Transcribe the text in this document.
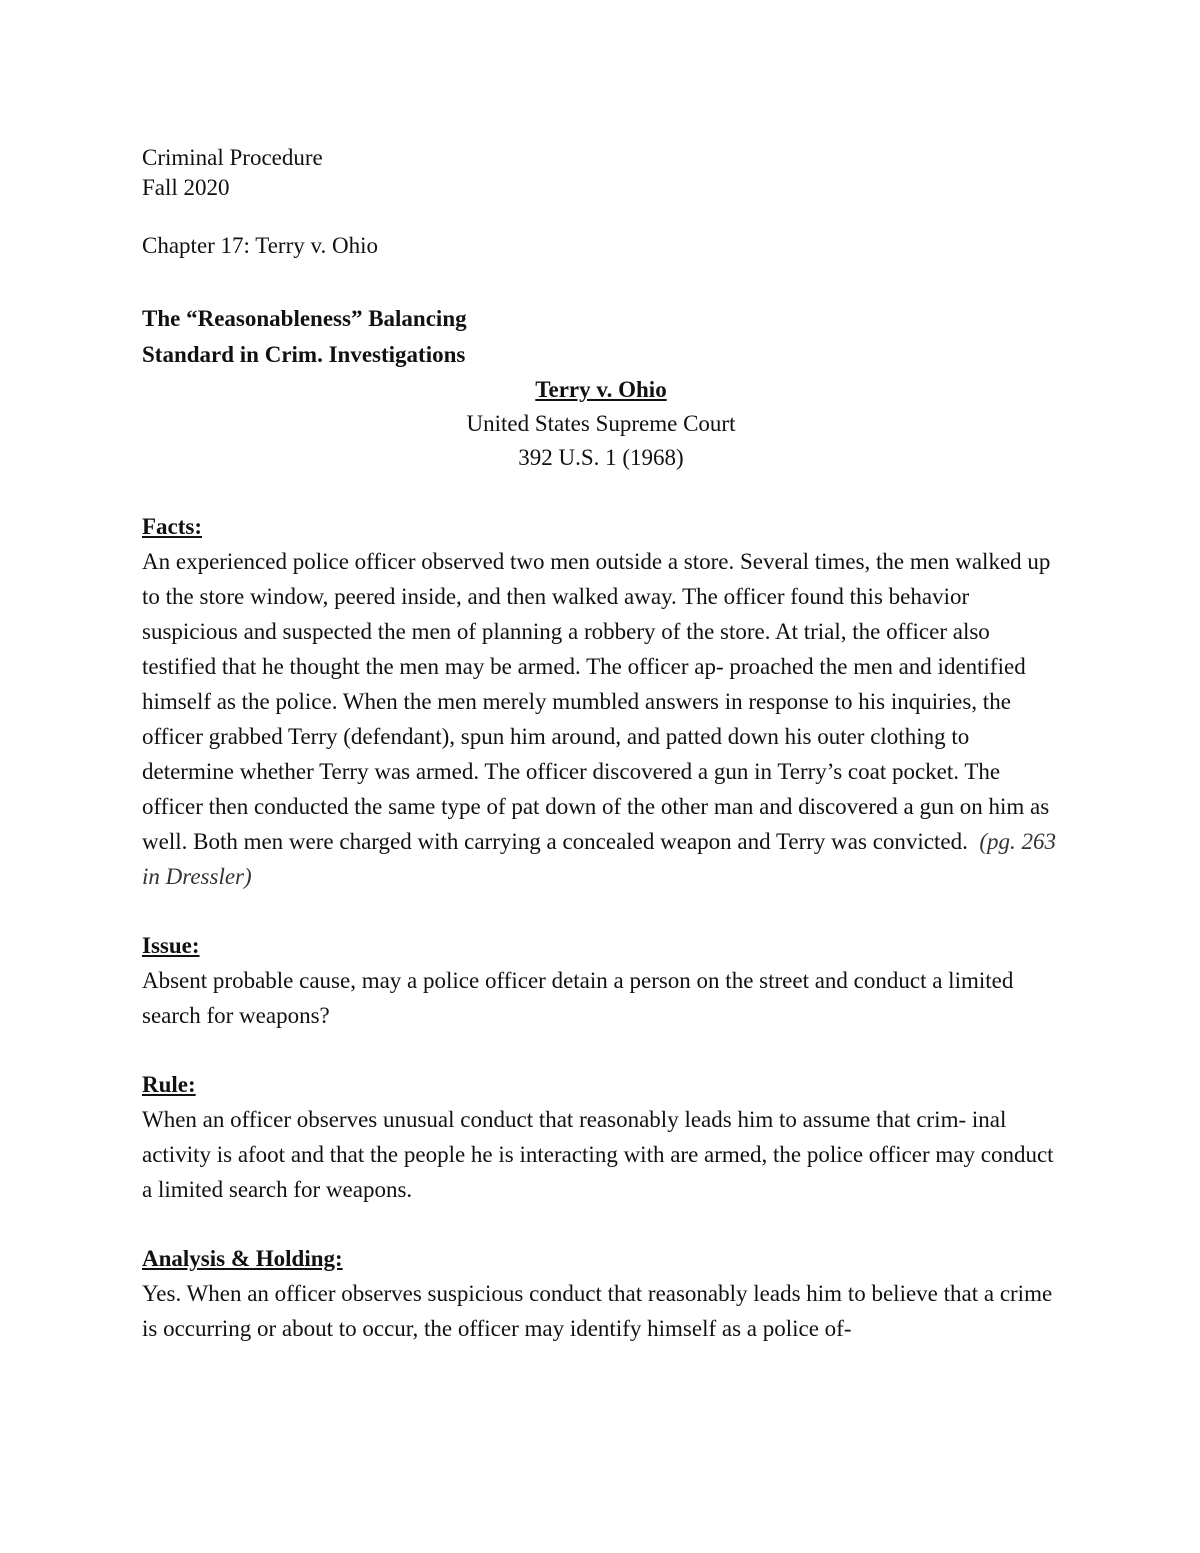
Criminal Procedure

Fall 2020

Chapter 17: Terry v. Ohio

The “Reasonableness” Balancing

Standard in Crim. Investigations

Terry v. Ohio

United States Supreme Court

392 U.S. 1 (1968)

Facts:

An experienced police officer observed two men outside a store. Several times, the men walked up to the store window, peered inside, and then walked away. The officer found this behavior suspicious and suspected the men of planning a robbery of the store. At trial, the officer also testified that he thought the men may be armed. The officer ap- proached the men and identified himself as the police. When the men merely mumbled answers in response to his inquiries, the officer grabbed Terry (defendant), spun him around, and patted down his outer clothing to determine whether Terry was armed. The officer discovered a gun in Terry’s coat pocket. The officer then conducted the same type of pat down of the other man and discovered a gun on him as well. Both men were charged with carrying a concealed weapon and Terry was convicted. (pg. 263 in Dressler)

Issue:

Absent probable cause, may a police officer detain a person on the street and conduct a limited search for weapons?

Rule:

When an officer observes unusual conduct that reasonably leads him to assume that crim- inal activity is afoot and that the people he is interacting with are armed, the police officer may conduct a limited search for weapons.

Analysis & Holding:

Yes. When an officer observes suspicious conduct that reasonably leads him to believe that a crime is occurring or about to occur, the officer may identify himself as a police of-
